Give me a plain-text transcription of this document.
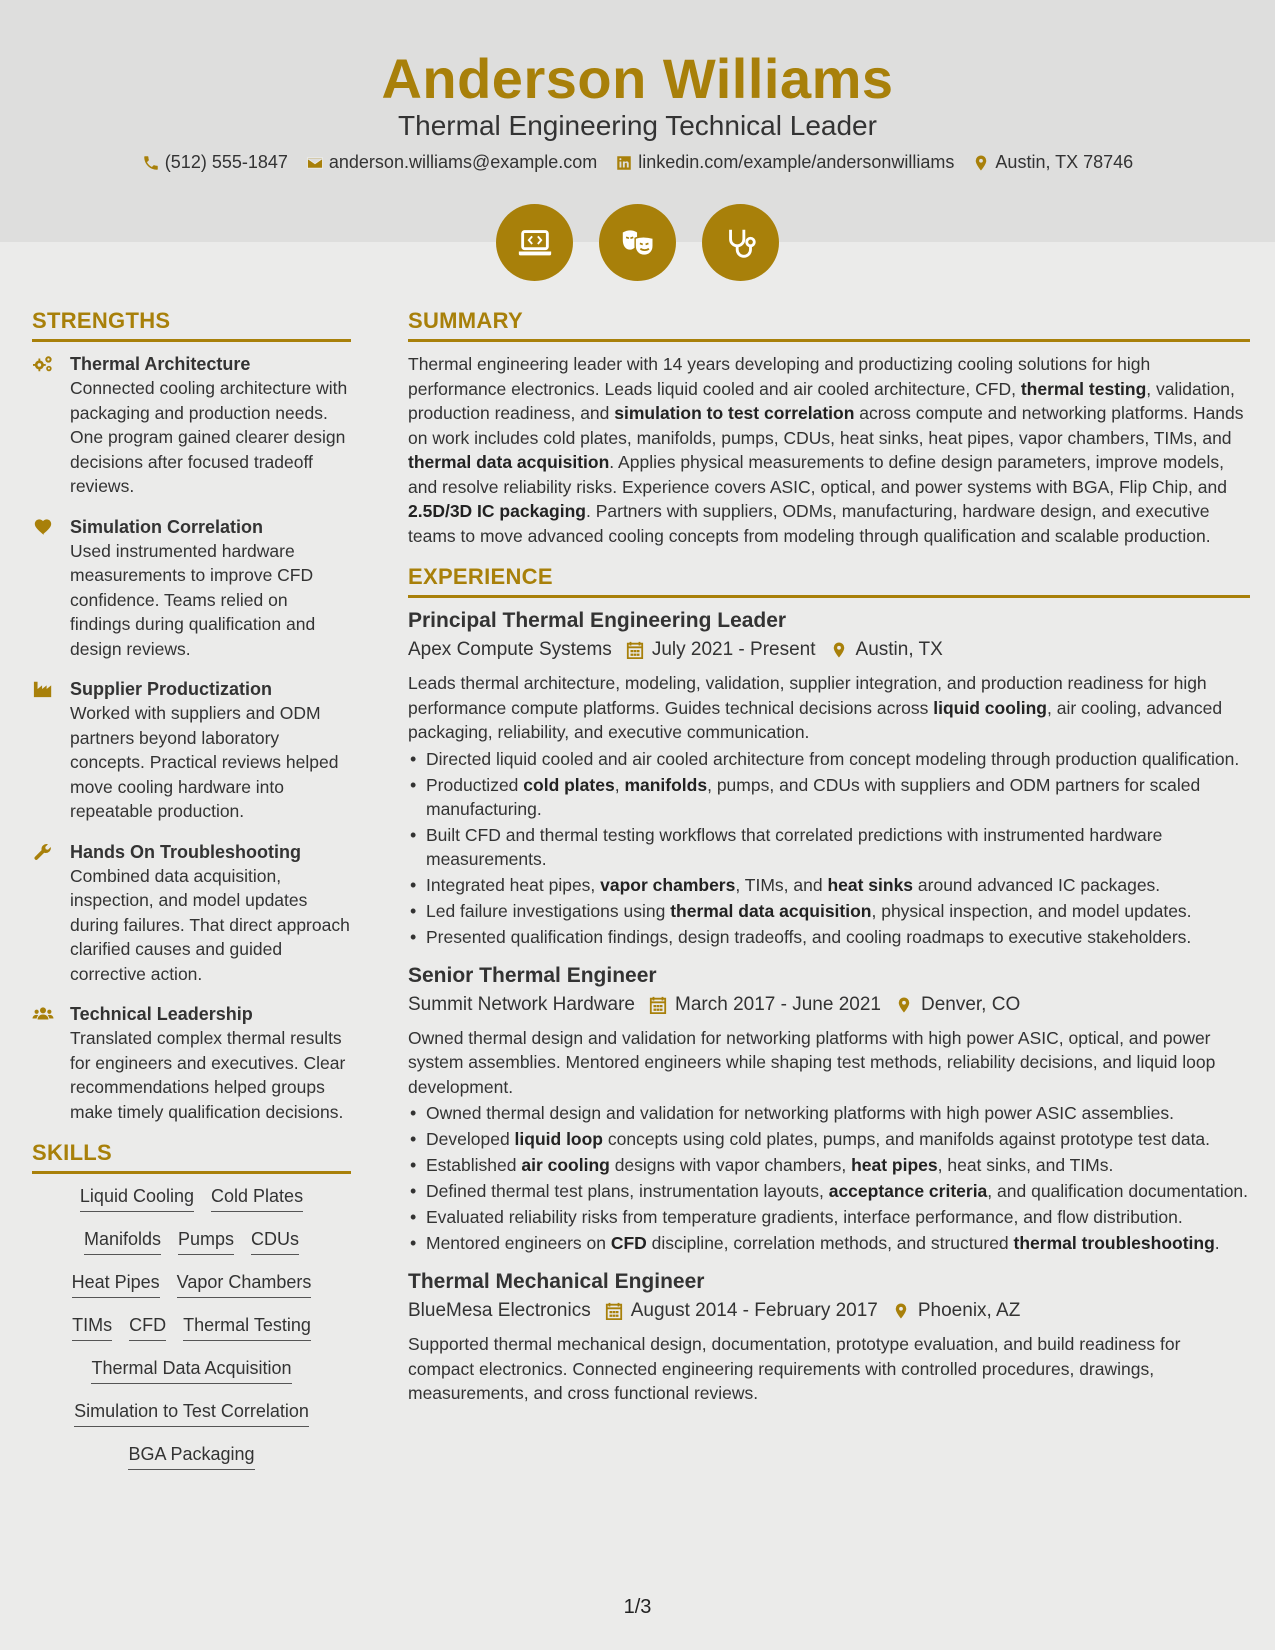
Anderson Williams
Thermal Engineering Technical Leader
(512) 555-1847 anderson.williams@example.com linkedin.com/example/andersonwilliams Austin, TX 78746
STRENGTHS
Thermal Architecture
Connected cooling architecture with packaging and production needs. One program gained clearer design decisions after focused tradeoff reviews.
Simulation Correlation
Used instrumented hardware measurements to improve CFD confidence. Teams relied on findings during qualification and design reviews.
Supplier Productization
Worked with suppliers and ODM partners beyond laboratory concepts. Practical reviews helped move cooling hardware into repeatable production.
Hands On Troubleshooting
Combined data acquisition, inspection, and model updates during failures. That direct approach clarified causes and guided corrective action.
Technical Leadership
Translated complex thermal results for engineers and executives. Clear recommendations helped groups make timely qualification decisions.
SKILLS
Liquid Cooling Cold Plates
Manifolds Pumps CDUs
Heat Pipes Vapor Chambers
TIMs CFD Thermal Testing
Thermal Data Acquisition
Simulation to Test Correlation
BGA Packaging
SUMMARY
Thermal engineering leader with 14 years developing and productizing cooling solutions for high performance electronics. Leads liquid cooled and air cooled architecture, CFD, thermal testing, validation, production readiness, and simulation to test correlation across compute and networking platforms. Hands on work includes cold plates, manifolds, pumps, CDUs, heat sinks, heat pipes, vapor chambers, TIMs, and thermal data acquisition. Applies physical measurements to define design parameters, improve models, and resolve reliability risks. Experience covers ASIC, optical, and power systems with BGA, Flip Chip, and 2.5D/3D IC packaging. Partners with suppliers, ODMs, manufacturing, hardware design, and executive teams to move advanced cooling concepts from modeling through qualification and scalable production.
EXPERIENCE
Principal Thermal Engineering Leader
Apex Compute Systems July 2021 - Present Austin, TX
Leads thermal architecture, modeling, validation, supplier integration, and production readiness for high performance compute platforms. Guides technical decisions across liquid cooling, air cooling, advanced packaging, reliability, and executive communication.
• Directed liquid cooled and air cooled architecture from concept modeling through production qualification.
• Productized cold plates, manifolds, pumps, and CDUs with suppliers and ODM partners for scaled manufacturing.
• Built CFD and thermal testing workflows that correlated predictions with instrumented hardware measurements.
• Integrated heat pipes, vapor chambers, TIMs, and heat sinks around advanced IC packages.
• Led failure investigations using thermal data acquisition, physical inspection, and model updates.
• Presented qualification findings, design tradeoffs, and cooling roadmaps to executive stakeholders.
Senior Thermal Engineer
Summit Network Hardware March 2017 - June 2021 Denver, CO
Owned thermal design and validation for networking platforms with high power ASIC, optical, and power system assemblies. Mentored engineers while shaping test methods, reliability decisions, and liquid loop development.
• Owned thermal design and validation for networking platforms with high power ASIC assemblies.
• Developed liquid loop concepts using cold plates, pumps, and manifolds against prototype test data.
• Established air cooling designs with vapor chambers, heat pipes, heat sinks, and TIMs.
• Defined thermal test plans, instrumentation layouts, acceptance criteria, and qualification documentation.
• Evaluated reliability risks from temperature gradients, interface performance, and flow distribution.
• Mentored engineers on CFD discipline, correlation methods, and structured thermal troubleshooting.
Thermal Mechanical Engineer
BlueMesa Electronics August 2014 - February 2017 Phoenix, AZ
Supported thermal mechanical design, documentation, prototype evaluation, and build readiness for compact electronics. Connected engineering requirements with controlled procedures, drawings, measurements, and cross functional reviews.
1/3
